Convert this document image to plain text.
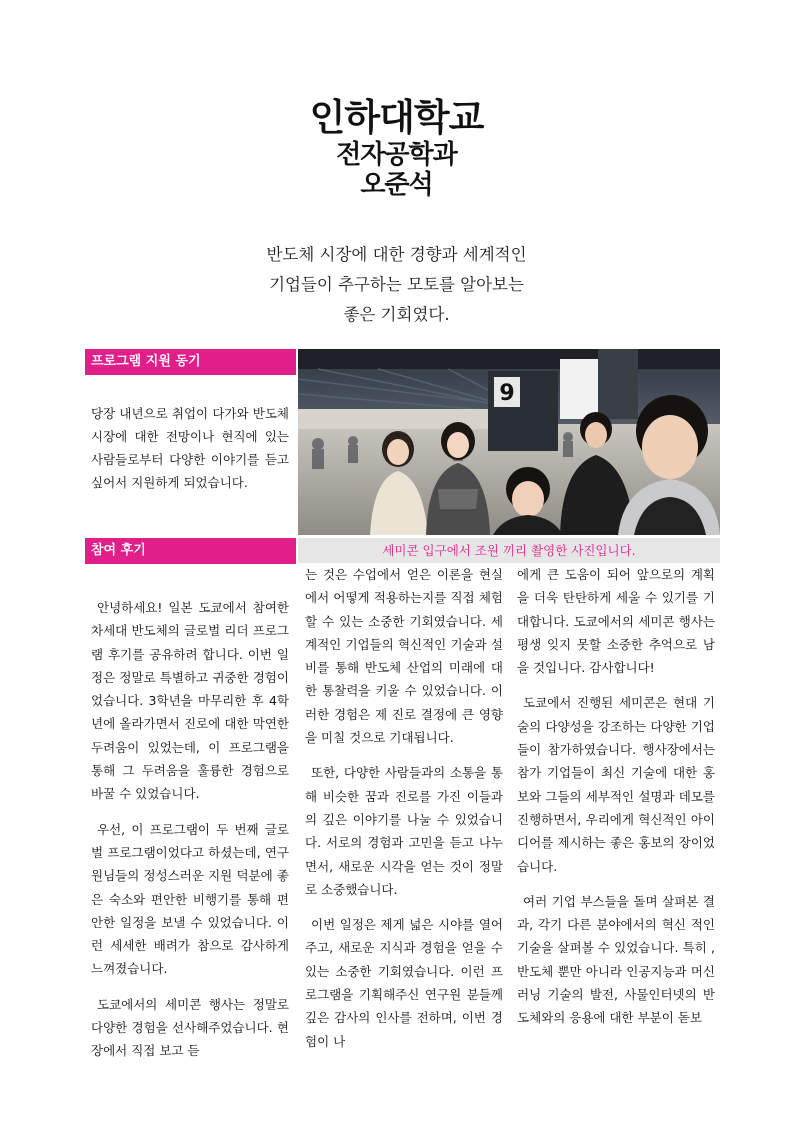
인하대학교
전자공학과
오준석
반도체 시장에 대한 경향과 세계적인
기업들이 추구하는 모토를 알아보는
좋은 기회였다.
프로그램 지원 동기
당장 내년으로 취업이 다가와 반도체 시장에 대한 전망이나 현직에 있는 사람들로부터 다양한 이야기를 듣고 싶어서 지원하게 되었습니다.
9
세미콘 입구에서 조원 끼리 촬영한 사진입니다.
참여 후기

안녕하세요! 일본 도쿄에서 참여한 차세대 반도체의 글로벌 리더 프로그램 후기를 공유하려 합니다. 이번 일정은 정말로 특별하고 귀중한 경험이었습니다. 3학년을 마무리한 후 4학년에 올라가면서 진로에 대한 막연한 두려움이 있었는데, 이 프로그램을 통해 그 두려움을 훌륭한 경험으로 바꿀 수 있었습니다.

우선, 이 프로그램이 두 번째 글로벌 프로그램이었다고 하셨는데, 연구원님들의 정성스러운 지원 덕분에 좋은 숙소와 편안한 비행기를 통해 편안한 일정을 보낼 수 있었습니다. 이런 세세한 배려가 참으로 감사하게 느껴졌습니다.

도쿄에서의 세미콘 행사는 정말로 다양한 경험을 선사해주었습니다. 현장에서 직접 보고 듣

는 것은 수업에서 얻은 이론을 현실에서 어떻게 적용하는지를 직접 체험할 수 있는 소중한 기회였습니다. 세계적인 기업들의 혁신적인 기술과 설비를 통해 반도체 산업의 미래에 대한 통찰력을 키울 수 있었습니다. 이러한 경험은 제 진로 결정에 큰 영향을 미칠 것으로 기대됩니다.

또한, 다양한 사람들과의 소통을 통해 비슷한 꿈과 진로를 가진 이들과의 깊은 이야기를 나눌 수 있었습니다. 서로의 경험과 고민을 듣고 나누면서, 새로운 시각을 얻는 것이 정말로 소중했습니다.

이번 일정은 제게 넓은 시야를 열어주고, 새로운 지식과 경험을 얻을 수 있는 소중한 기회였습니다. 이런 프로그램을 기획해주신 연구원 분들께 깊은 감사의 인사를 전하며, 이번 경험이 나

에게 큰 도움이 되어 앞으로의 계획을 더욱 탄탄하게 세울 수 있기를 기대합니다. 도쿄에서의 세미콘 행사는 평생 잊지 못할 소중한 추억으로 남을 것입니다. 감사합니다!

도쿄에서 진행된 세미콘은 현대 기술의 다양성을 강조하는 다양한 기업들이 참가하였습니다. 행사장에서는 참가 기업들이 최신 기술에 대한 홍보와 그들의 세부적인 설명과 데모를 진행하면서, 우리에게 혁신적인 아이디어를 제시하는 좋은 홍보의 장이었습니다.

여러 기업 부스들을 돌며 살펴본 결과, 각기 다른 분야에서의 혁신 적인 기술을 살펴볼 수 있었습니다. 특히 , 반도체 뿐만 아니라 인공지능과 머신러닝 기술의 발전, 사물인터넷의 반도체와의 응용에 대한 부분이 돋보
